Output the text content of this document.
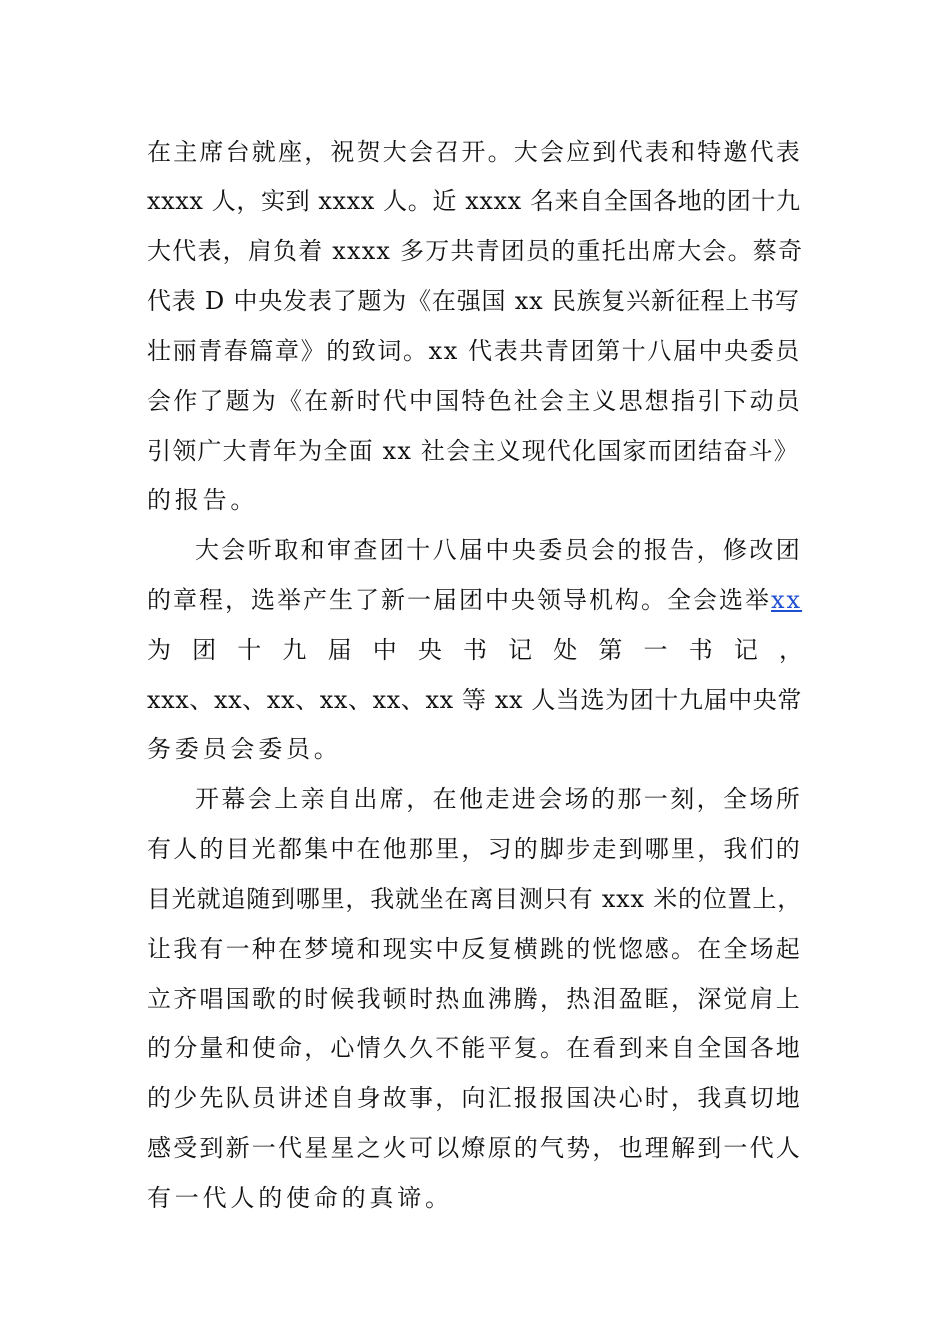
在主席台就座，祝贺大会召开。大会应到代表和特邀代表
xxxx 人，实到 xxxx 人。近 xxxx 名来自全国各地的团十九
大代表，肩负着 xxxx 多万共青团员的重托出席大会。蔡奇
代表 D 中央发表了题为《在强国 xx 民族复兴新征程上书写
壮丽青春篇章》的致词。xx 代表共青团第十八届中央委员
会作了题为《在新时代中国特色社会主义思想指引下动员
引领广大青年为全面 xx 社会主义现代化国家而团结奋斗》
的报告。
大会听取和审查团十八届中央委员会的报告，修改团
的章程，选举产生了新一届团中央领导机构。全会选举xx
为 团 十 九 届 中 央 书 记 处 第 一 书 记 ，
xxx、xx、xx、xx、xx、xx 等 xx 人当选为团十九届中央常
务委员会委员。
开幕会上亲自出席，在他走进会场的那一刻，全场所
有人的目光都集中在他那里，习的脚步走到哪里，我们的
目光就追随到哪里，我就坐在离目测只有 xxx 米的位置上，
让我有一种在梦境和现实中反复横跳的恍惚感。在全场起
立齐唱国歌的时候我顿时热血沸腾，热泪盈眶，深觉肩上
的分量和使命，心情久久不能平复。在看到来自全国各地
的少先队员讲述自身故事，向汇报报国决心时，我真切地
感受到新一代星星之火可以燎原的气势，也理解到一代人
有一代人的使命的真谛。
